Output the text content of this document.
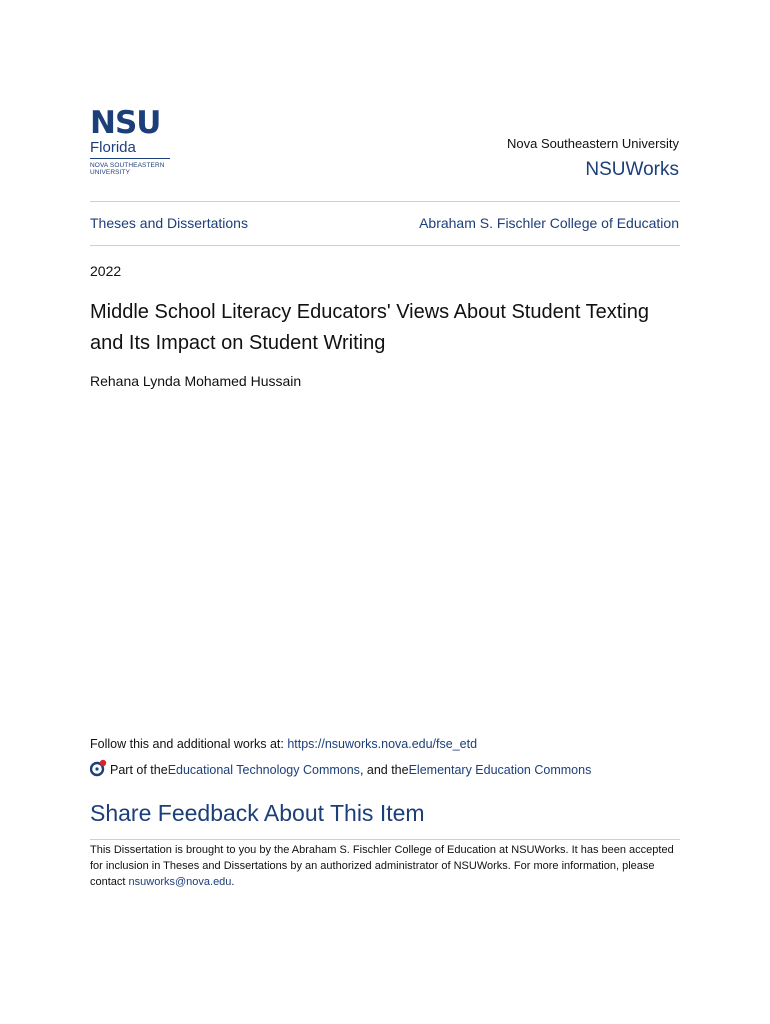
NSU
Florida
NOVA SOUTHEASTERN
UNIVERSITY
Nova Southeastern University
NSUWorks
Theses and Dissertations	Abraham S. Fischler College of Education
2022
Middle School Literacy Educators' Views About Student Texting and Its Impact on Student Writing
Rehana Lynda Mohamed Hussain
Follow this and additional works at: https://nsuworks.nova.edu/fse_etd
Part of the Educational Technology Commons , and the Elementary Education Commons
Share Feedback About This Item
This Dissertation is brought to you by the Abraham S. Fischler College of Education at NSUWorks. It has been accepted for inclusion in Theses and Dissertations by an authorized administrator of NSUWorks. For more information, please contact nsuworks@nova.edu.
